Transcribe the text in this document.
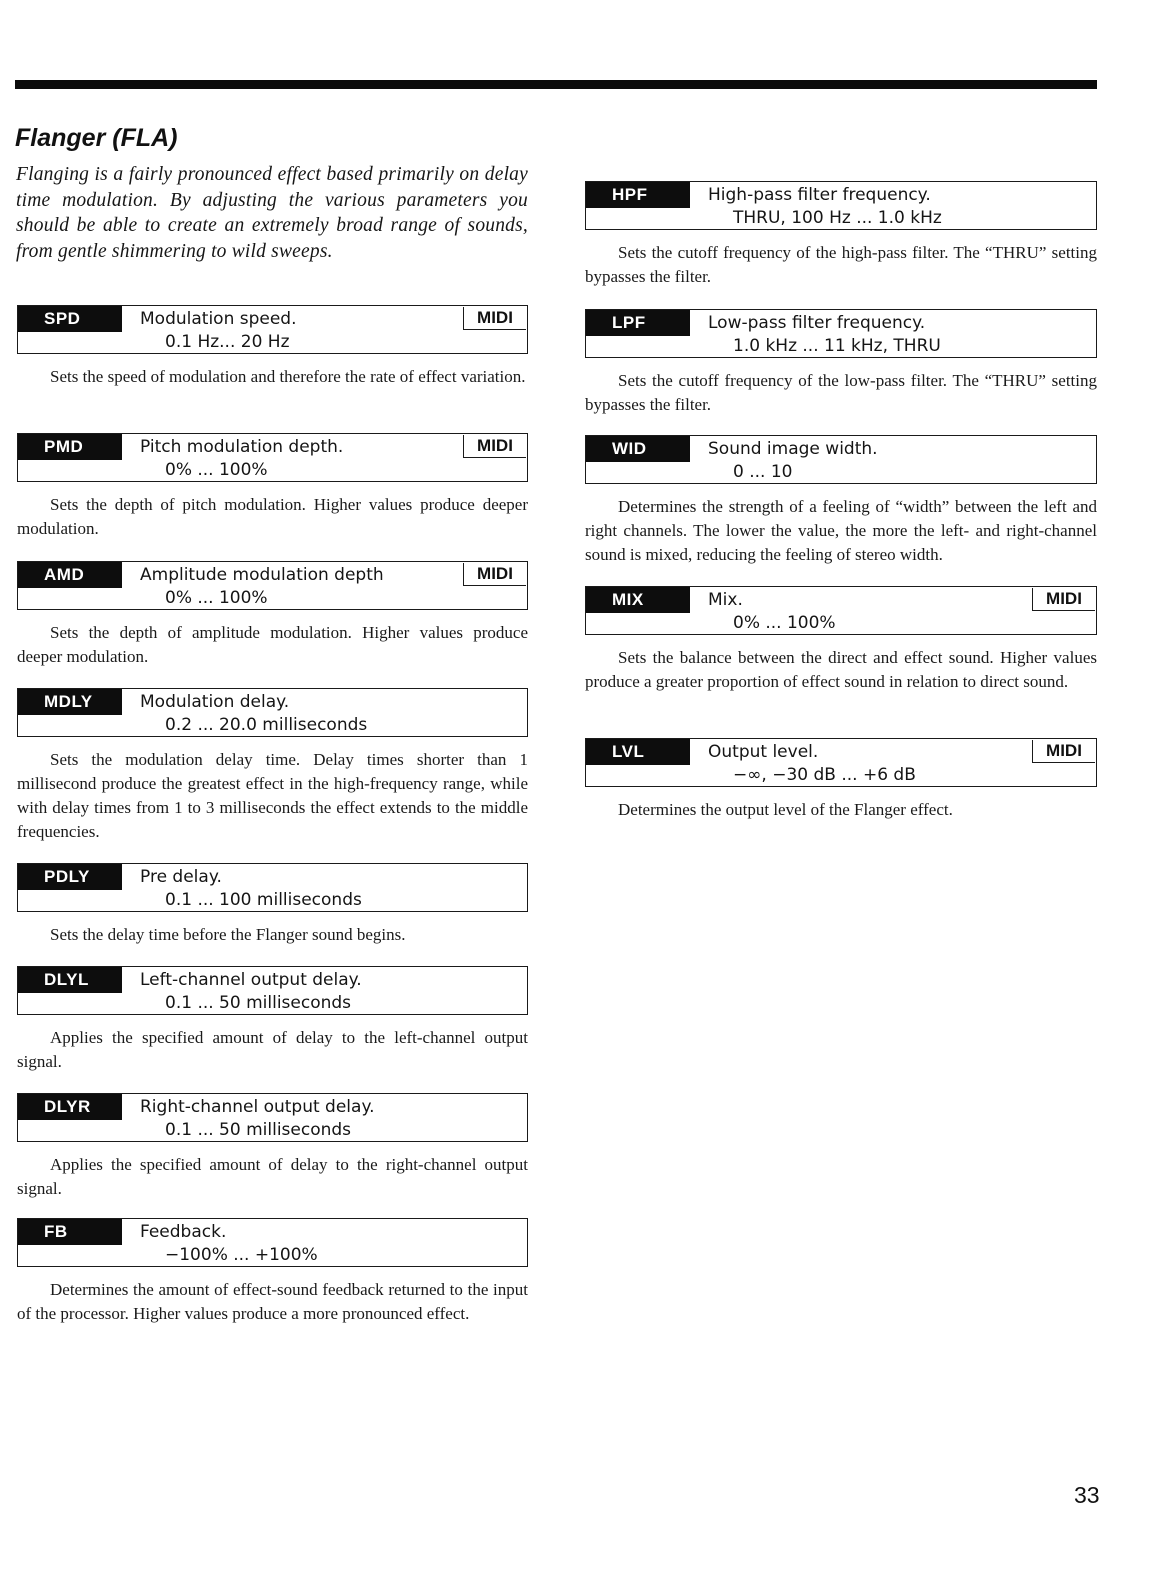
Flanger (FLA)

Flanging is a fairly pronounced effect based primarily on delay time modulation. By adjusting the various parameters you should be able to create an extremely broad range of sounds, from gentle shimmering to wild sweeps.

SPD	Modulation speed.
0.1 Hz... 20 Hz
MIDI

Sets the speed of modulation and therefore the rate of effect variation.

PMD	Pitch modulation depth.
0% ... 100%
MIDI

Sets the depth of pitch modulation. Higher values produce deeper modulation.

AMD	Amplitude modulation depth
0% ... 100%
MIDI

Sets the depth of amplitude modulation. Higher values produce deeper modulation.

MDLY	Modulation delay.
0.2 ... 20.0 milliseconds

Sets the modulation delay time. Delay times shorter than 1 millisecond produce the greatest effect in the high-frequency range, while with delay times from 1 to 3 milliseconds the effect extends to the middle frequencies.

PDLY	Pre delay.
0.1 ... 100 milliseconds

Sets the delay time before the Flanger sound begins.

DLYL	Left-channel output delay.
0.1 ... 50 milliseconds

Applies the specified amount of delay to the left-channel output signal.

DLYR	Right-channel output delay.
0.1 ... 50 milliseconds

Applies the specified amount of delay to the right-channel output signal.

FB	Feedback.
−100% ... +100%

Determines the amount of effect-sound feedback returned to the input of the processor. Higher values produce a more pronounced effect.

HPF	High-pass filter frequency.
THRU, 100 Hz ... 1.0 kHz

Sets the cutoff frequency of the high-pass filter. The “THRU” setting bypasses the filter.

LPF	Low-pass filter frequency.
1.0 kHz ... 11 kHz, THRU

Sets the cutoff frequency of the low-pass filter. The “THRU” setting bypasses the filter.

WID	Sound image width.
0 ... 10

Determines the strength of a feeling of “width” between the left and right channels. The lower the value, the more the left- and right-channel sound is mixed, reducing the feeling of stereo width.

MIX	Mix.
0% ... 100%
MIDI

Sets the balance between the direct and effect sound. Higher values produce a greater proportion of effect sound in relation to direct sound.

LVL	Output level.
−∞, −30 dB ... +6 dB
MIDI

Determines the output level of the Flanger effect.

33
